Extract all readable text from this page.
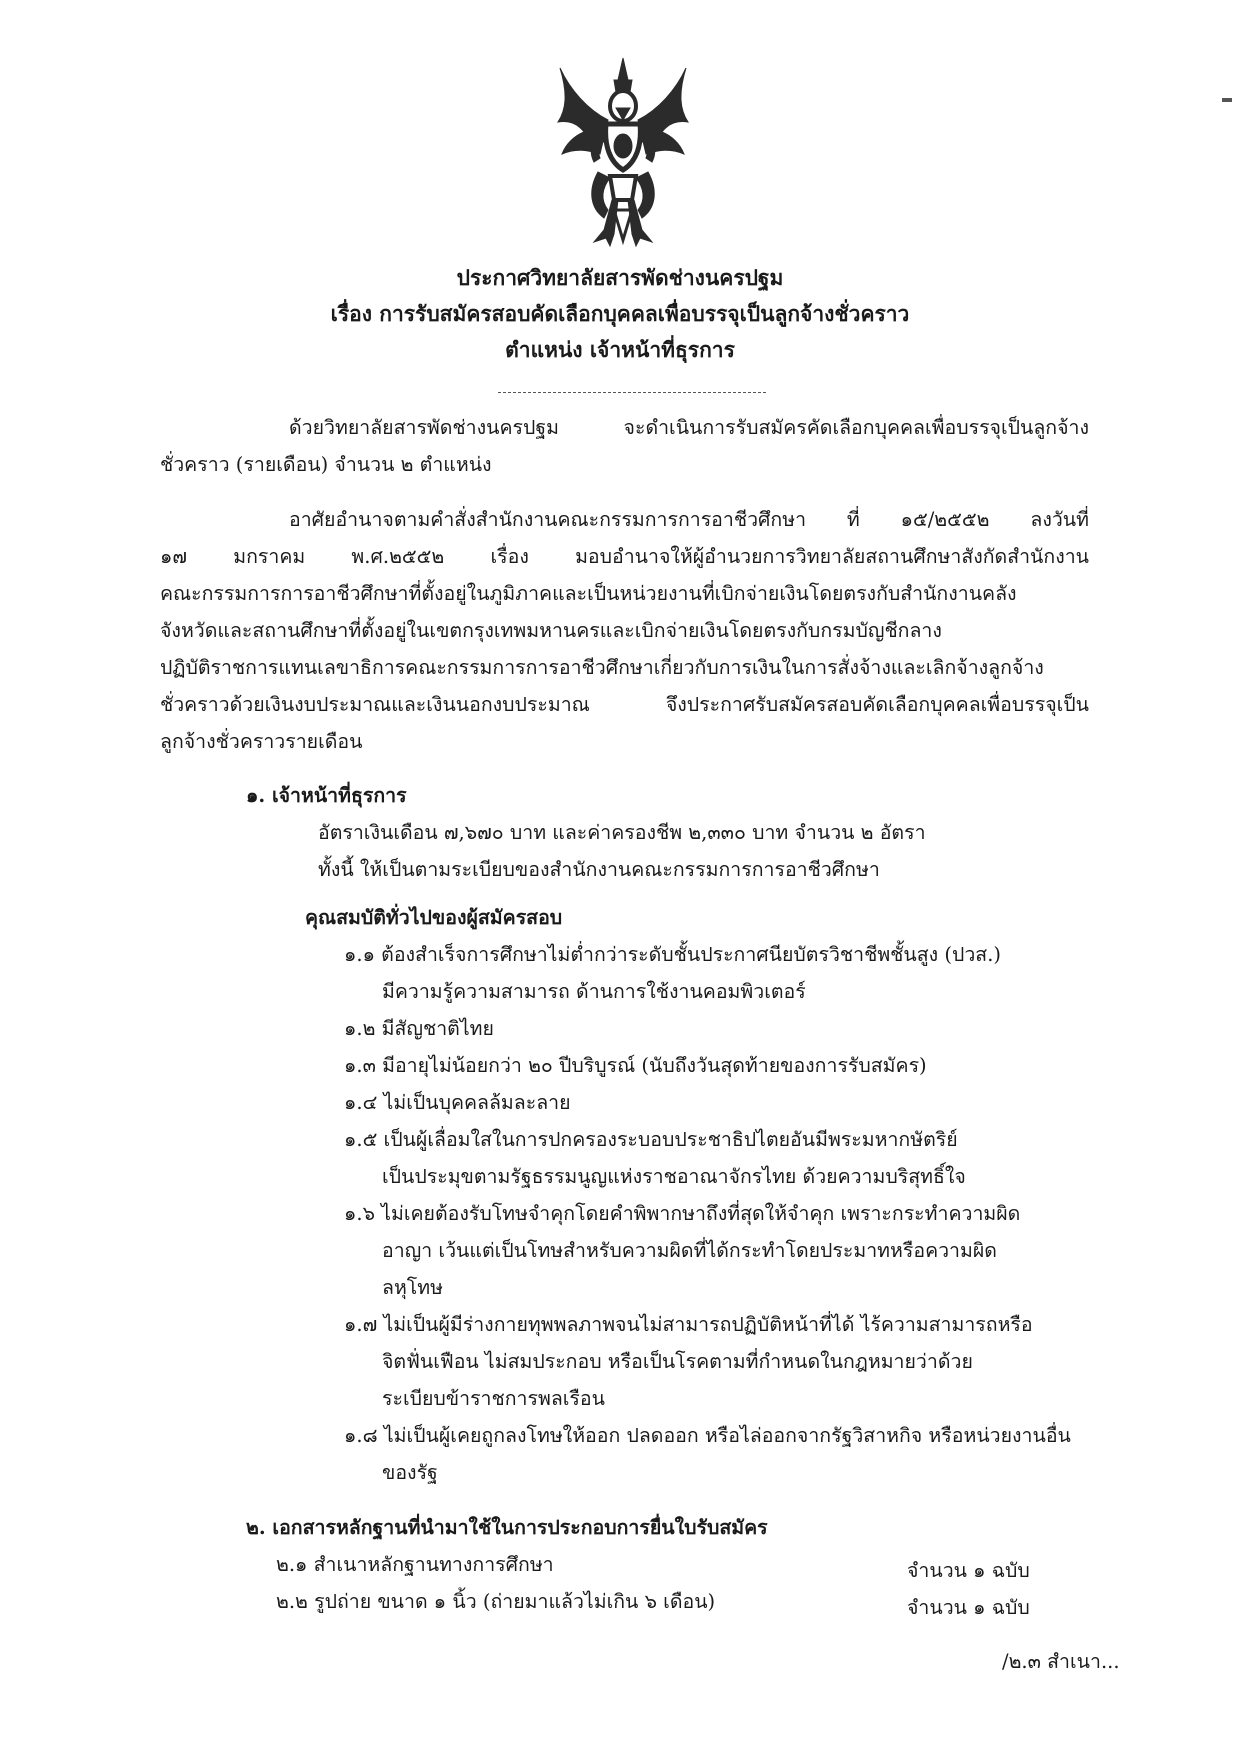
ประกาศวิทยาลัยสารพัดช่างนครปฐม
เรื่อง การรับสมัครสอบคัดเลือกบุคคลเพื่อบรรจุเป็นลูกจ้างชั่วคราว
ตำแหน่ง เจ้าหน้าที่ธุรการ
ด้วยวิทยาลัยสารพัดช่างนครปฐม จะดำเนินการรับสมัครคัดเลือกบุคคลเพื่อบรรจุเป็นลูกจ้าง
ชั่วคราว (รายเดือน) จำนวน ๒ ตำแหน่ง
อาศัยอำนาจตามคำสั่งสำนักงานคณะกรรมการการอาชีวศึกษา ที่ ๑๕/๒๕๕๒ ลงวันที่
๑๗ มกราคม พ.ศ.๒๕๕๒ เรื่อง มอบอำนาจให้ผู้อำนวยการวิทยาลัยสถานศึกษาสังกัดสำนักงาน
คณะกรรมการการอาชีวศึกษาที่ตั้งอยู่ในภูมิภาคและเป็นหน่วยงานที่เบิกจ่ายเงินโดยตรงกับสำนักงานคลัง
จังหวัดและสถานศึกษาที่ตั้งอยู่ในเขตกรุงเทพมหานครและเบิกจ่ายเงินโดยตรงกับกรมบัญชีกลาง
ปฏิบัติราชการแทนเลขาธิการคณะกรรมการการอาชีวศึกษาเกี่ยวกับการเงินในการสั่งจ้างและเลิกจ้างลูกจ้าง
ชั่วคราวด้วยเงินงบประมาณและเงินนอกงบประมาณ จึงประกาศรับสมัครสอบคัดเลือกบุคคลเพื่อบรรจุเป็น
ลูกจ้างชั่วคราวรายเดือน
๑. เจ้าหน้าที่ธุรการ
อัตราเงินเดือน ๗,๖๗๐ บาท และค่าครองชีพ ๒,๓๓๐ บาท จำนวน ๒ อัตรา
ทั้งนี้ ให้เป็นตามระเบียบของสำนักงานคณะกรรมการการอาชีวศึกษา
คุณสมบัติทั่วไปของผู้สมัครสอบ
๑.๑ ต้องสำเร็จการศึกษาไม่ต่ำกว่าระดับชั้นประกาศนียบัตรวิชาชีพชั้นสูง (ปวส.)
มีความรู้ความสามารถ ด้านการใช้งานคอมพิวเตอร์
๑.๒ มีสัญชาติไทย
๑.๓ มีอายุไม่น้อยกว่า ๒๐ ปีบริบูรณ์ (นับถึงวันสุดท้ายของการรับสมัคร)
๑.๔ ไม่เป็นบุคคลล้มละลาย
๑.๕ เป็นผู้เลื่อมใสในการปกครองระบอบประชาธิปไตยอันมีพระมหากษัตริย์
เป็นประมุขตามรัฐธรรมนูญแห่งราชอาณาจักรไทย ด้วยความบริสุทธิ์ใจ
๑.๖ ไม่เคยต้องรับโทษจำคุกโดยคำพิพากษาถึงที่สุดให้จำคุก เพราะกระทำความผิด
อาญา เว้นแต่เป็นโทษสำหรับความผิดที่ได้กระทำโดยประมาทหรือความผิด
ลหุโทษ
๑.๗ ไม่เป็นผู้มีร่างกายทุพพลภาพจนไม่สามารถปฏิบัติหน้าที่ได้ ไร้ความสามารถหรือ
จิตฟั่นเฟือน ไม่สมประกอบ หรือเป็นโรคตามที่กำหนดในกฎหมายว่าด้วย
ระเบียบข้าราชการพลเรือน
๑.๘ ไม่เป็นผู้เคยถูกลงโทษให้ออก ปลดออก หรือไล่ออกจากรัฐวิสาหกิจ หรือหน่วยงานอื่น
ของรัฐ
๒. เอกสารหลักฐานที่นำมาใช้ในการประกอบการยื่นใบรับสมัคร
๒.๑ สำเนาหลักฐานทางการศึกษา	จำนวน ๑ ฉบับ
๒.๒ รูปถ่าย ขนาด ๑ นิ้ว (ถ่ายมาแล้วไม่เกิน ๖ เดือน)	จำนวน ๑ ฉบับ
/๒.๓ สำเนา...
